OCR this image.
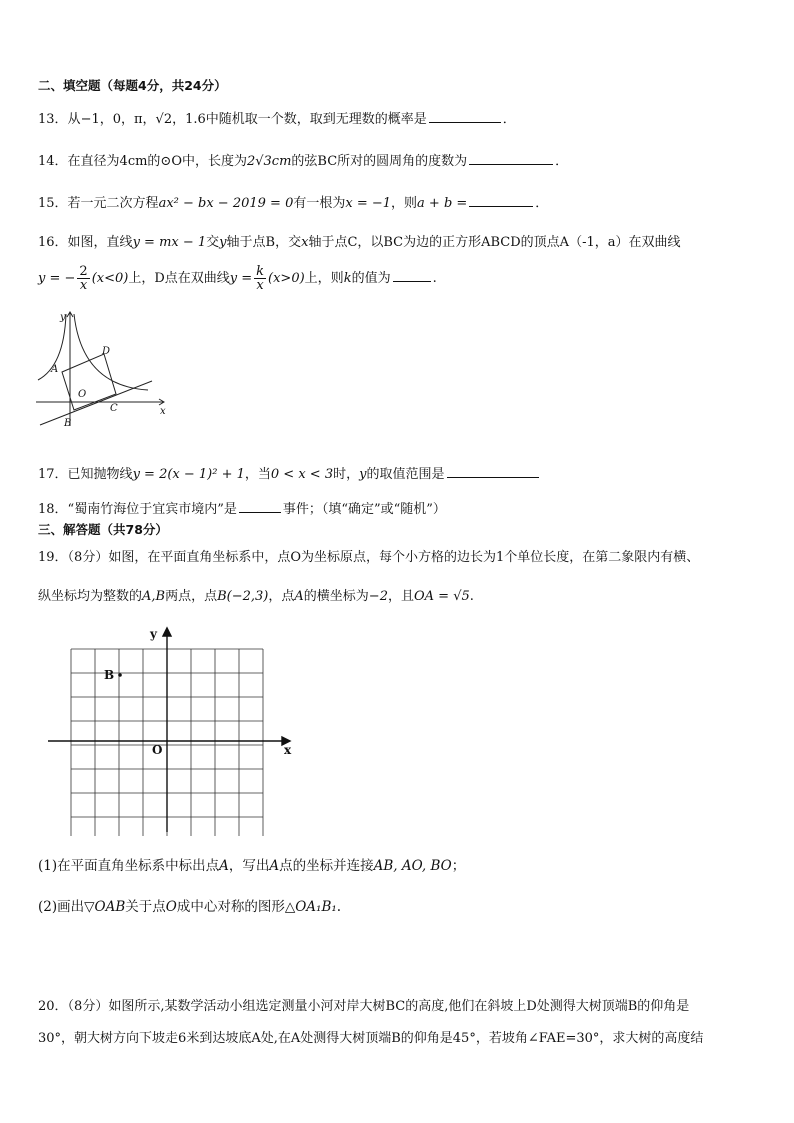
二、填空题（每题4分，共24分）
13．从−1，0，π，√2，1.6中随机取一个数，取到无理数的概率是	．
14．在直径为4cm的⊙O中，长度为2√3cm的弦BC所对的圆周角的度数为	．
15．若一元二次方程ax² − bx − 2019 = 0有一根为x = −1，则a + b =	．
16．如图，直线y = mx − 1交y轴于点B，交x轴于点C，以BC为边的正方形ABCD的顶点A（-1，a）在双曲线
y = − $\frac{2}{x} (x<0)$上，D点在双曲线$y = \frac{k}{x} (x>0)$上，则k的值为	.
y
x
A
B
C
D
O
17．已知抛物线y = 2(x − 1)² + 1，当0 < x < 3时，y的取值范围是
18．“蜀南竹海位于宜宾市境内”是	事件；（填“确定”或“随机”）
三、解答题（共78分）
19．（8分）如图，在平面直角坐标系中，点O为坐标原点，每个小方格的边长为1个单位长度，在第二象限内有横、
纵坐标均为整数的A,B两点，点B(−2,3)，点A的横坐标为−2，且OA = √5.
y
x
B
O
(1)在平面直角坐标系中标出点A，写出A点的坐标并连接AB, AO, BO；
(2)画出▽OAB关于点O成中心对称的图形△OA₁B₁.
20．（8分）如图所示,某数学活动小组选定测量小河对岸大树BC的高度,他们在斜坡上D处测得大树顶端B的仰角是
30°，朝大树方向下坡走6米到达坡底A处,在A处测得大树顶端B的仰角是45°，若坡角∠FAE=30°，求大树的高度结
